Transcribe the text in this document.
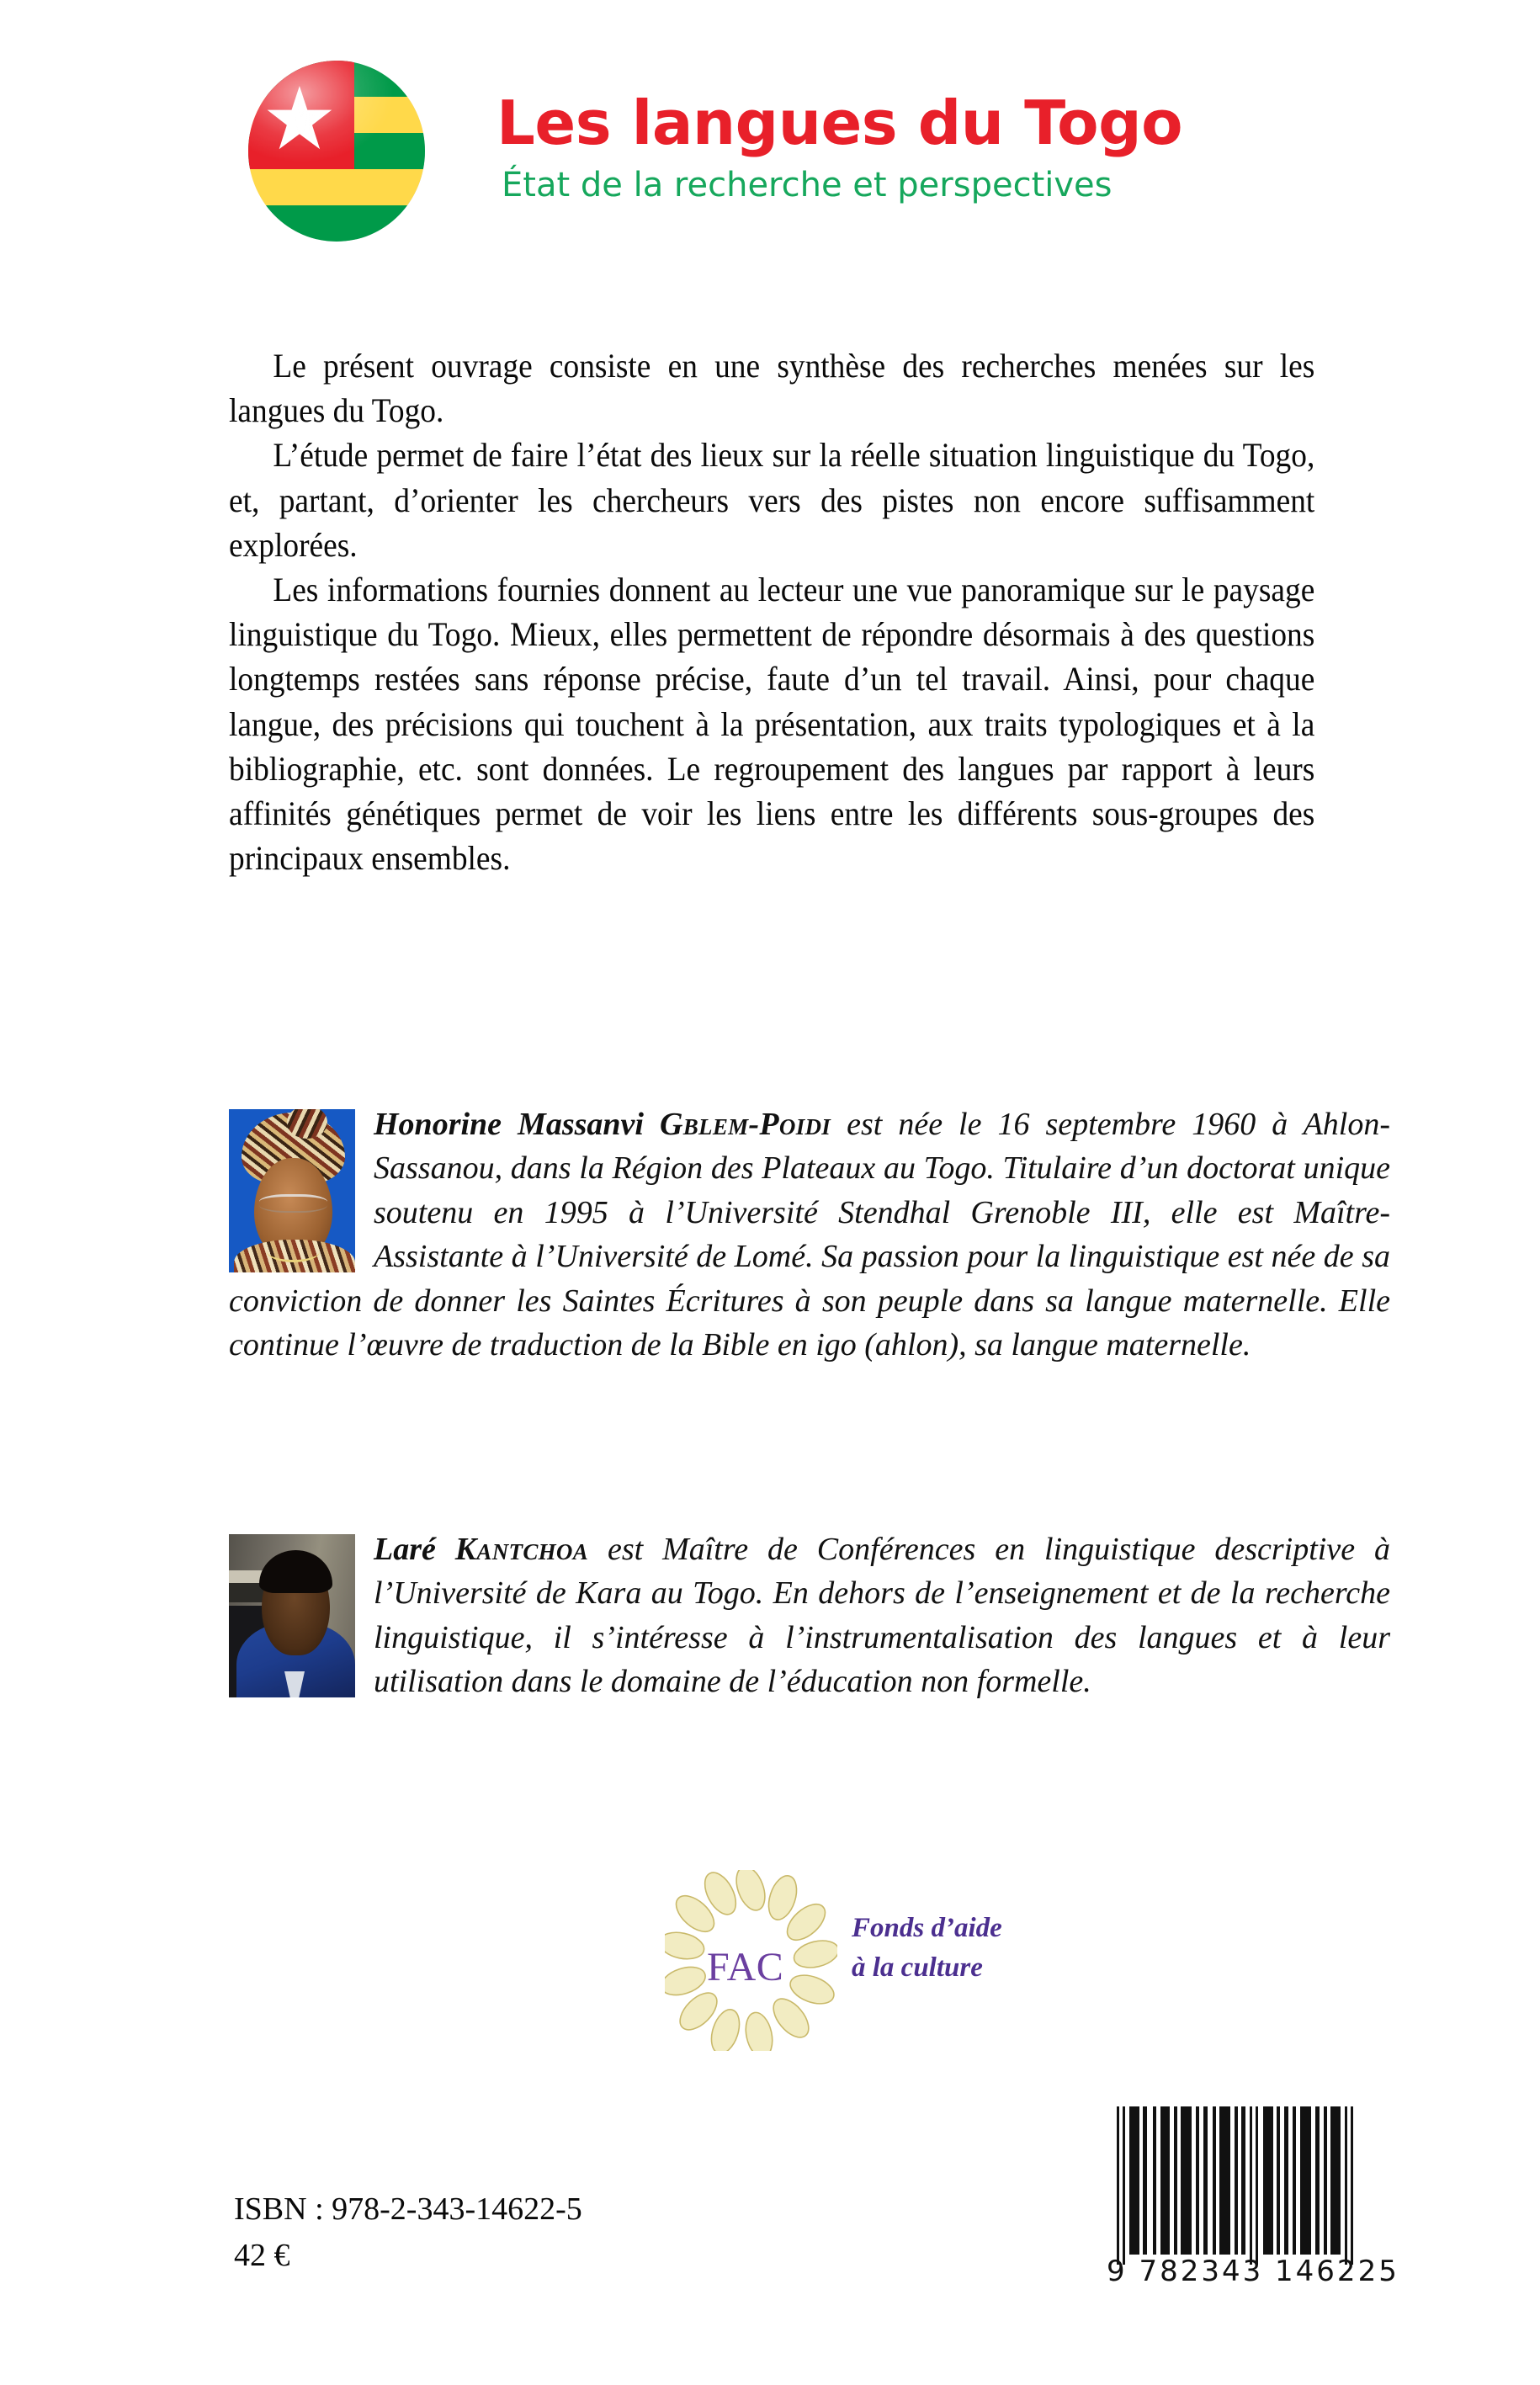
Les langues du Togo
État de la recherche et perspectives

Le présent ouvrage consiste en une synthèse des recherches menées sur les langues du Togo.

L’étude permet de faire l’état des lieux sur la réelle situation linguistique du Togo, et, partant, d’orienter les chercheurs vers des pistes non encore suffisamment explorées.

Les informations fournies donnent au lecteur une vue panoramique sur le paysage linguistique du Togo. Mieux, elles permettent de répondre désormais à des questions longtemps restées sans réponse précise, faute d’un tel travail. Ainsi, pour chaque langue, des précisions qui touchent à la présentation, aux traits typologiques et à la bibliographie, etc. sont données. Le regroupement des langues par rapport à leurs affinités génétiques permet de voir les liens entre les différents sous-groupes des principaux ensembles.

Honorine Massanvi Gblem-Poidi est née le 16 septembre 1960 à Ahlon-Sassanou, dans la Région des Plateaux au Togo. Titulaire d’un doctorat unique soutenu en 1995 à l’Université Stendhal Grenoble III, elle est Maître-Assistante à l’Université de Lomé. Sa passion pour la linguistique est née de sa conviction de donner les Saintes Écritures à son peuple dans sa langue maternelle. Elle continue l’œuvre de traduction de la Bible en igo (ahlon), sa langue maternelle.
Laré Kantchoa est Maître de Conférences en linguistique descriptive à l’Université de Kara au Togo. En dehors de l’enseignement et de la recherche linguistique, il s’intéresse à l’instrumentalisation des langues et à leur utilisation dans le domaine de l’éducation non formelle.
FAC
Fonds d’aide
à la culture
ISBN : 978-2-343-14622-5
42 €	9 782343 146225
